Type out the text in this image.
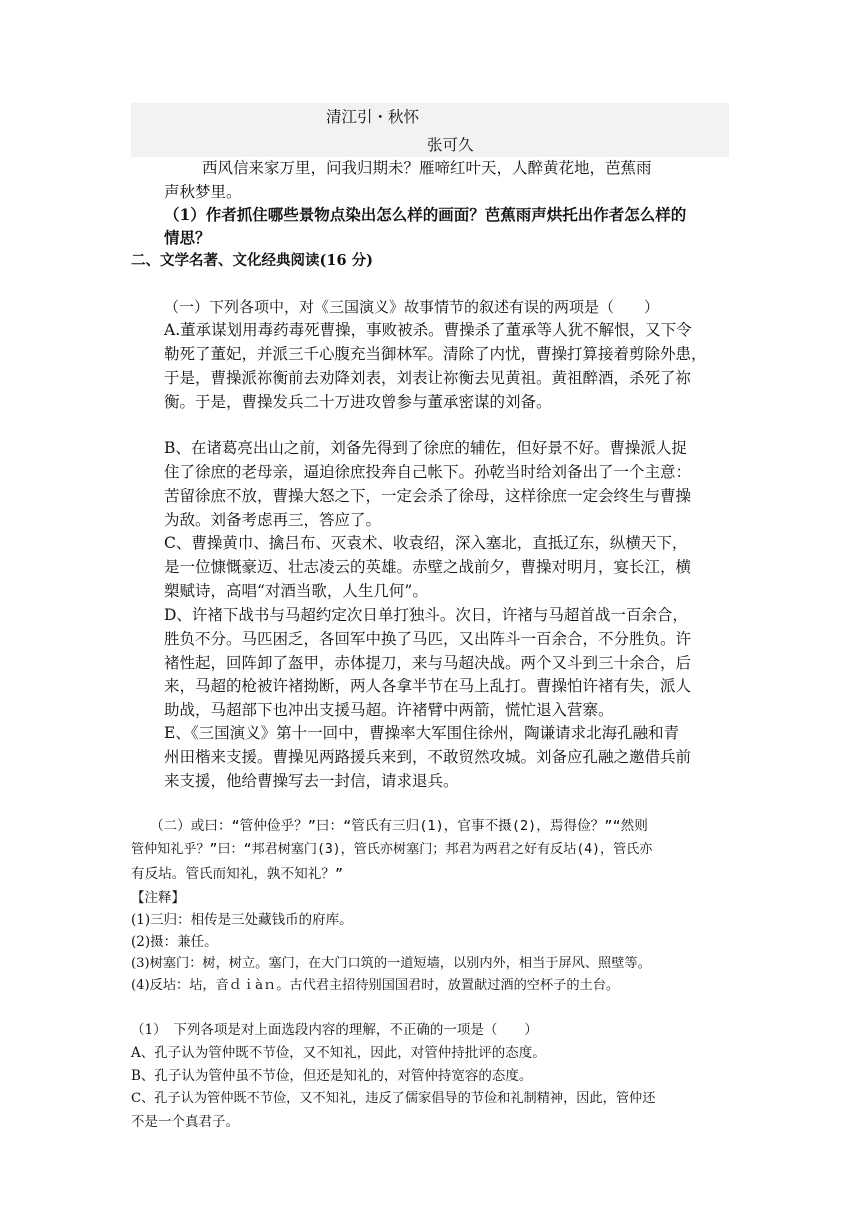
清江引・秋怀
张可久
西风信来家万里，问我归期未？雁啼红叶天，人醉黄花地，芭蕉雨
声秋梦里。
（1）作者抓住哪些景物点染出怎么样的画面？芭蕉雨声烘托出作者怎么样的
情思？
二、文学名著、文化经典阅读(16 分)
（一）下列各项中，对《三国演义》故事情节的叙述有误的两项是（　　）
A.董承谋划用毒药毒死曹操，事败被杀。曹操杀了董承等人犹不解恨，又下令
勒死了董妃，并派三千心腹充当御林军。清除了内忧，曹操打算接着剪除外患，
于是，曹操派祢衡前去劝降刘表，刘表让祢衡去见黄祖。黄祖醉酒，杀死了祢
衡。于是，曹操发兵二十万进攻曾参与董承密谋的刘备。
B、在诸葛亮出山之前，刘备先得到了徐庶的辅佐，但好景不好。曹操派人捉
住了徐庶的老母亲，逼迫徐庶投奔自己帐下。孙乾当时给刘备出了一个主意：
苦留徐庶不放，曹操大怒之下，一定会杀了徐母，这样徐庶一定会终生与曹操
为敌。刘备考虑再三，答应了。
C、曹操黄巾、擒吕布、灭袁术、收袁绍，深入塞北，直抵辽东，纵横天下，
是一位慷慨豪迈、壮志凌云的英雄。赤壁之战前夕，曹操对明月，宴长江，横
槊赋诗，高唱“对酒当歌，人生几何”。
D、许褚下战书与马超约定次日单打独斗。次日，许褚与马超首战一百余合，
胜负不分。马匹困乏，各回军中换了马匹，又出阵斗一百余合，不分胜负。许
褚性起，回阵卸了盔甲，赤体提刀，来与马超决战。两个又斗到三十余合，后
来，马超的枪被许褚拗断，两人各拿半节在马上乱打。曹操怕许褚有失，派人
助战，马超部下也冲出支援马超。许褚臂中两箭，慌忙退入营寨。
E、《三国演义》第十一回中，曹操率大军围住徐州，陶谦请求北海孔融和青
州田楷来支援。曹操见两路援兵来到，不敢贸然攻城。刘备应孔融之邀借兵前
来支援，他给曹操写去一封信，请求退兵。
（二）或曰：“管仲俭乎？”曰：“管氏有三归(1)，官事不摄(2)，焉得俭？”“然则
管仲知礼乎？”曰：“邦君树塞门(3)，管氏亦树塞门；邦君为两君之好有反坫(4)，管氏亦
有反坫。管氏而知礼，孰不知礼？”
【注释】
(1)三归：相传是三处藏钱币的府库。
(2)摄：兼任。
(3)树塞门：树，树立。塞门，在大门口筑的一道短墙，以别内外，相当于屏风、照壁等。
(4)反坫：坫，音ｄｉàｎ。古代君主招待别国国君时，放置献过酒的空杯子的土台。
（1）　下列各项是对上面选段内容的理解，不正确的一项是（　　）
A、孔子认为管仲既不节俭，又不知礼，因此，对管仲持批评的态度。
B、孔子认为管仲虽不节俭，但还是知礼的，对管仲持宽容的态度。
C、孔子认为管仲既不节俭，又不知礼，违反了儒家倡导的节俭和礼制精神，因此，管仲还
不是一个真君子。
